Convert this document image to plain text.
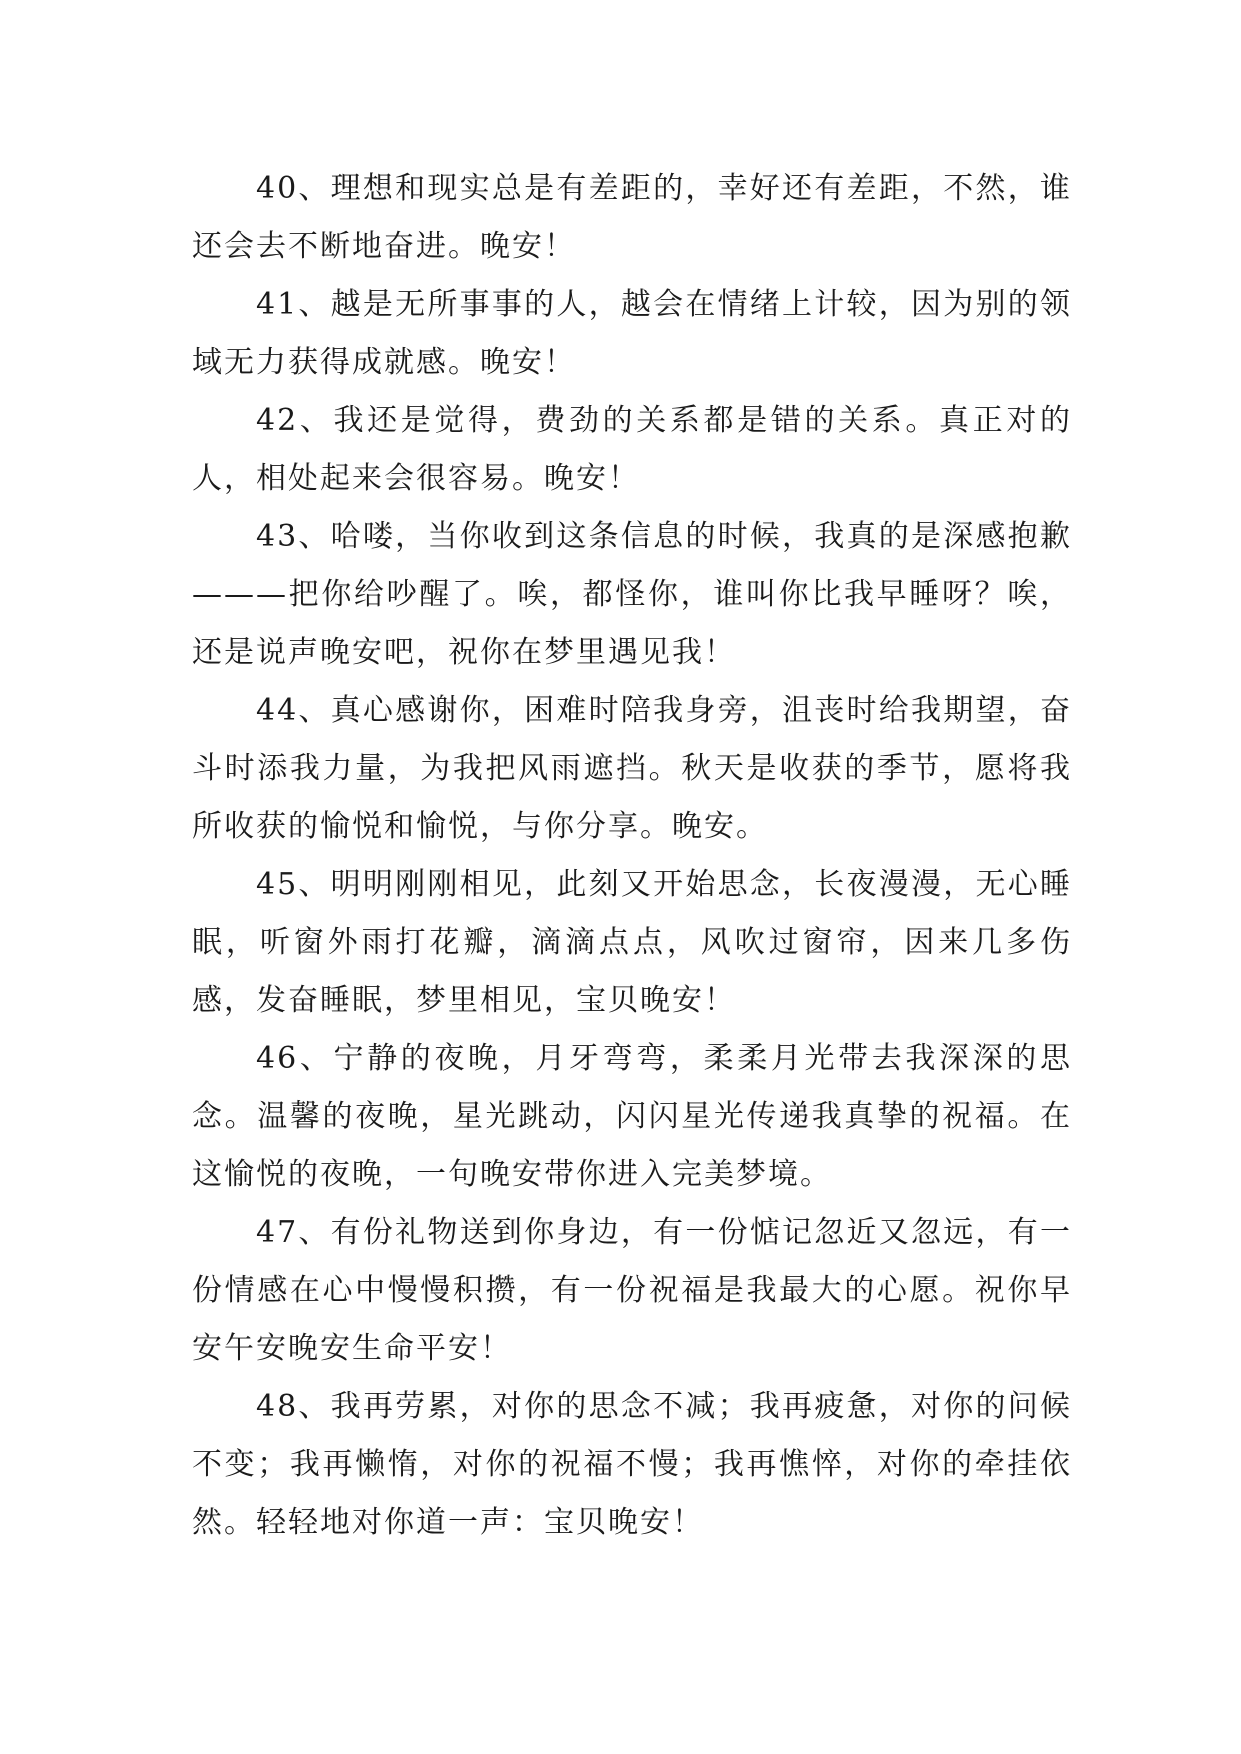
40、理想和现实总是有差距的，幸好还有差距，不然，谁还会去不断地奋进。晚安！

41、越是无所事事的人，越会在情绪上计较，因为别的领域无力获得成就感。晚安！

42、我还是觉得，费劲的关系都是错的关系。真正对的人，相处起来会很容易。晚安！

43、哈喽，当你收到这条信息的时候，我真的是深感抱歉———把你给吵醒了。唉，都怪你，谁叫你比我早睡呀？唉，还是说声晚安吧，祝你在梦里遇见我！

44、真心感谢你，困难时陪我身旁，沮丧时给我期望，奋斗时添我力量，为我把风雨遮挡。秋天是收获的季节，愿将我所收获的愉悦和愉悦，与你分享。晚安。

45、明明刚刚相见，此刻又开始思念，长夜漫漫，无心睡眠，听窗外雨打花瓣，滴滴点点，风吹过窗帘，因来几多伤感，发奋睡眠，梦里相见，宝贝晚安！

46、宁静的夜晚，月牙弯弯，柔柔月光带去我深深的思念。温馨的夜晚，星光跳动，闪闪星光传递我真挚的祝福。在这愉悦的夜晚，一句晚安带你进入完美梦境。

47、有份礼物送到你身边，有一份惦记忽近又忽远，有一份情感在心中慢慢积攒，有一份祝福是我最大的心愿。祝你早安午安晚安生命平安！

48、我再劳累，对你的思念不减；我再疲惫，对你的问候不变；我再懒惰，对你的祝福不慢；我再憔悴，对你的牵挂依然。轻轻地对你道一声：宝贝晚安！
